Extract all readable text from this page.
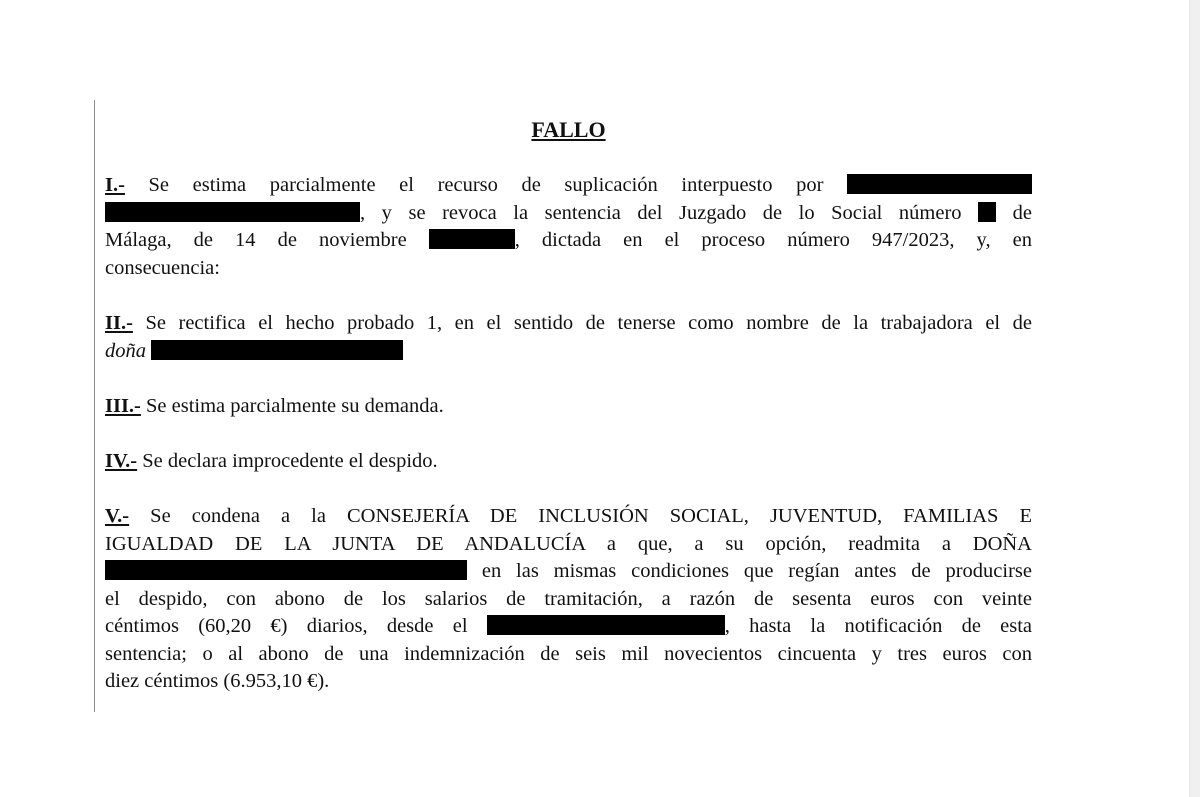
FALLO
I.- Se estima parcialmente el recurso de suplicación interpuesto por
, y se revoca la sentencia del Juzgado de lo Social número de
Málaga, de 14 de noviembre	, dictada en el proceso número 947/2023, y, en
consecuencia:
II.- Se rectifica el hecho probado 1, en el sentido de tenerse como nombre de la trabajadora el de
doña
III.- Se estima parcialmente su demanda.
IV.- Se declara improcedente el despido.
V.- Se condena a la CONSEJERÍA DE INCLUSIÓN SOCIAL, JUVENTUD, FAMILIAS E
IGUALDAD DE LA JUNTA DE ANDALUCÍA a que, a su opción, readmita a DOÑA
en las mismas condiciones que regían antes de producirse
el despido, con abono de los salarios de tramitación, a razón de sesenta euros con veinte
céntimos (60,20 €) diarios, desde el	, hasta la notificación de esta
sentencia; o al abono de una indemnización de seis mil novecientos cincuenta y tres euros con
diez céntimos (6.953,10 €).
